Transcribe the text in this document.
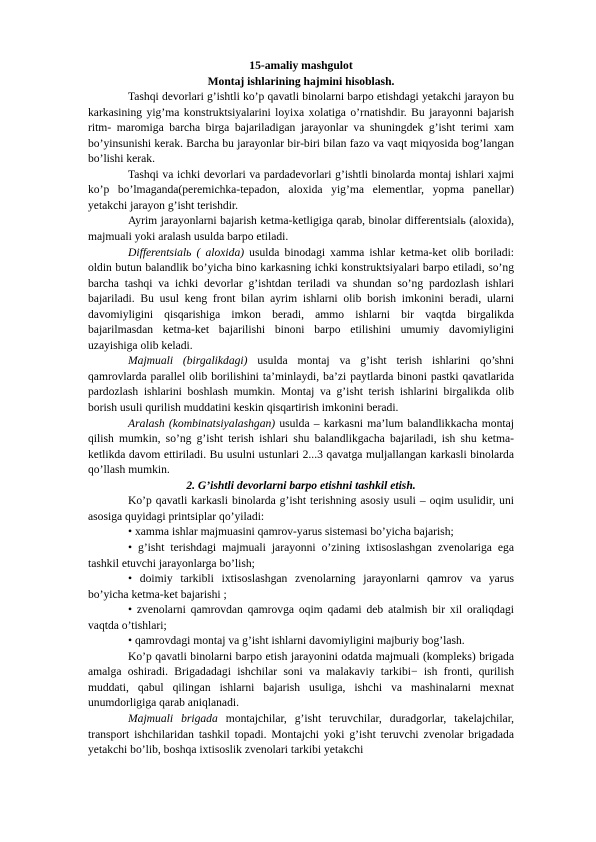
15-amaliy mashgulot

Montaj ishlarining hajmini hisoblash.

Tashqi devorlari g’ishtli ko’p qavatli binolarni barpo etishdagi yetakchi jarayon bu karkasining yig’ma konstruktsiyalarini loyixa xolatiga o’rnatishdir. Bu jarayonni bajarish ritm- maromiga barcha birga bajariladigan jarayonlar va shuningdek g’isht terimi xam bo’yinsunishi kerak. Barcha bu jarayonlar bir-biri bilan fazo va vaqt miqyosida bog’langan bo’lishi kerak.

Tashqi va ichki devorlari va pardadevorlari g’ishtli binolarda montaj ishlari xajmi ko’p bo’lmaganda(peremichka-tepadon, aloxida yig’ma elementlar, yopma panellar) yetakchi jarayon g’isht terishdir.

Ayrim jarayonlarni bajarish ketma-ketligiga qarab, binolar differentsialь (aloxida), majmuali yoki aralash usulda barpo etiladi.

Differentsialь ( aloxida) usulda binodagi xamma ishlar ketma-ket olib boriladi: oldin butun balandlik bo’yicha bino karkasning ichki konstruktsiyalari barpo etiladi, so’ng barcha tashqi va ichki devorlar g’ishtdan teriladi va shundan so’ng pardozlash ishlari bajariladi. Bu usul keng front bilan ayrim ishlarni olib borish imkonini beradi, ularni davomiyligini qisqarishiga imkon beradi, ammo ishlarni bir vaqtda birgalikda bajarilmasdan ketma-ket bajarilishi binoni barpo etilishini umumiy davomiyligini uzayishiga olib keladi.

Majmuali (birgalikdagi) usulda montaj va g’isht terish ishlarini qo’shni qamrovlarda parallel olib borilishini ta’minlaydi, ba’zi paytlarda binoni pastki qavatlarida pardozlash ishlarini boshlash mumkin. Montaj va g’isht terish ishlarini birgalikda olib borish usuli qurilish muddatini keskin qisqartirish imkonini beradi.

Aralash (kombinatsiyalashgan) usulda – karkasni ma’lum balandlikkacha montaj qilish mumkin, so’ng g’isht terish ishlari shu balandlikgacha bajariladi, ish shu ketma-ketlikda davom ettiriladi. Bu usulni ustunlari 2...3 qavatga muljallangan karkasli binolarda qo’llash mumkin.

2. G’ishtli devorlarni barpo etishni tashkil etish.

Ko’p qavatli karkasli binolarda g’isht terishning asosiy usuli – oqim usulidir, uni asosiga quyidagi printsiplar qo’yiladi:

• xamma ishlar majmuasini qamrov-yarus sistemasi bo’yicha bajarish;

• g’isht terishdagi majmuali jarayonni o’zining ixtisoslashgan zvenolariga ega tashkil etuvchi jarayonlarga bo’lish;

• doimiy tarkibli ixtisoslashgan zvenolarning jarayonlarni qamrov va yarus bo’yicha ketma-ket bajarishi ;

• zvenolarni qamrovdan qamrovga oqim qadami deb atalmish bir xil oraliqdagi vaqtda o’tishlari;

• qamrovdagi montaj va g’isht ishlarni davomiyligini majburiy bog’lash.

Ko’p qavatli binolarni barpo etish jarayonini odatda majmuali (kompleks) brigada amalga oshiradi. Brigadadagi ishchilar soni va malakaviy tarkibi− ish fronti, qurilish muddati, qabul qilingan ishlarni bajarish usuliga, ishchi va mashinalarni mexnat unumdorligiga qarab aniqlanadi.

Majmuali brigada montajchilar, g’isht teruvchilar, duradgorlar, takelajchilar, transport ishchilaridan tashkil topadi. Montajchi yoki g’isht teruvchi zvenolar brigadada yetakchi bo’lib, boshqa ixtisoslik zvenolari tarkibi yetakchi
